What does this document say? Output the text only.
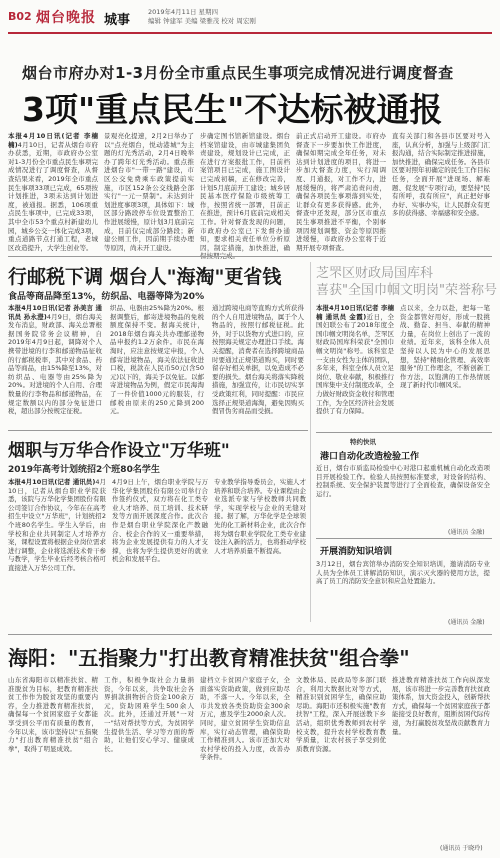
B02 烟台晚报 城事
2019年4月11日 星期四
编辑 钟建军 美编 梁雅茂 校对 周宏刚
烟台市府办对1-3月份全市重点民生事项完成情况进行调度督查
3项"重点民生"不达标被通报
本报4月10日讯(记者 李楠楠)4月10日，记者从烟台市府办获悉，近期，市政府办公室对1-3月份全市重点民生事项完成情况进行了调度督查，从督查结果来看，2019年全市重点民生事项33项已完成，65项按计划推进，3项未达到计划进度，被通报。据悉，106项重点民生事项中，已完成33项，其中全市53个重点村新建幼儿园，城乡公交一体化完成3项，重点道路节点打通工程，老城区改造提升，大学生创业等。
景观亮化提速，2月2日举办了以"点亮烟台，悦动港城"为主题的灯光秀活动，2月4日晚举办了跨年灯光秀活动。重点推进烟台市"一带一路"建设，市区公交免费乘车政策提前实施，市区152条公交线路全部实行"一元一票制"。未达到计划进度事项3项，具体如下：城区部分路段停车位设置整治工作进展缓慢，原计划3月底前完成，目前仅完成部分路段；新建公厕工作，因前期手续办理等原因，尚未开工建设。
步确定图书馆新馆建设。烟台档案馆建设，由市城建集团负责建设，规划设计已完成，正在进行方案报批工作，目前档案馆项目已完成，施工图设计已完成初稿，正在修改完善，计划5月底前开工建设；城乡居民基本医疗保险市级统筹工作，按照省统一部署，目前正在推进，预计6月底前完成相关工作。针对督查发现的问题，市政府办公室已下发督办通知，要求相关责任单位分析原因，制定措施，加快推进，确
前正式启动开工建设。市府办督查下一步要加快工作进度，确保如期完成全年任务，对未达到计划进度的项目，将进一步加大督查力度，实行周调度、月通报，对工作不力，进展缓慢的，将严肃追责问责，确保各项民生事项落到实处，让群众有更多获得感。此外，督查中还发现，部分区市重点民生事项推进不平衡，个别事项因规划调整、资金等原因推进缓慢，市政府办公室将于近期开展专项督查。
直有关部门和各县市区要对号入座，认真分析，加强与上级部门汇报沟通，结合实际制定推进措施，加快推进，确保完成任务。各县市区要对照年初确定的民生工作目标任务，全面开展"进现场、解难题、促发展"专项行动，要坚持"民有所呼，我有所应"，真正把好事办好、实事办实，让人民群众有更多的获得感、幸福感和安全感。
行邮税下调 烟台人"海淘"更省钱
食品等商品降至13%，纺织品、电器等降为20%
本报4月10日讯(记者 孙美言 通讯员 孙永澄)4月9日，烟台海关发布消息，财政部、海关总署根据国务院常务会议精神，自2019年4月9日起，调降对个人携带进境的行李和邮递物品征收的行邮税税率，其中对食品、药品等商品，由15%降至13%，对纺织品、电器等由25%降为20%。对进境的个人自用、合理数量的行李物品和邮递物品，在规定数额以内的部分免征进口税，超出部分按规定征税。
织品、电器由25%降为20%。根据调整后，邮寄进境物品的免税额度保持不变。据海关统计，2018年烟台海关共办理邮递物品申报约1.2万余件。市民在海淘时，应注意按规定申报，个人邮寄进境物品，海关依法征收进口税，税款在人民币50元(含50元)以下的，海关予以免征。以邮寄进境物品为例，假定市民海淘了一件价值1000元的服装，行邮税由原来的250元降到200元。
通过跨境电商等直购方式所获得的个人自用进境物品，属于个人物品的，按照行邮税征税。此外，对于以货物方式进口的，应按照海关规定办理进口手续。海关提醒，消费者在选择跨境商品时要通过正规渠道购买，同时要留存好相关单据，以免造成不必要的损失。烟台海关将落实降税措施，加强宣传，让市民切实享受政策红利，同时提醒：市民应选择正规渠道海淘，避免因购买假冒伪劣商品而受损。
芝罘区财政局国库科
喜获"全国巾帼文明岗"荣誉称号
本报4月10日讯(记者 李楠楠 通讯员 金霞)近日，全国妇联公布了2018年度全国巾帼文明岗名单，芝罘区财政局国库科荣获"全国巾帼文明岗"称号。该科室是一支由女性为主体的团队，多年来，科室全体人员立足岗位、敬业奉献，积极推行国库集中支付制度改革，全力做好财政资金收付和管理工作，为全区经济社会发展提供了有力保障。
点以来，全力以赴，把每一笔资金都管好用好，形成一股挑战、勤奋、担当、奉献的精神力量，在岗位上创出了一流的业绩。近年来，该科全体人员坚持以人民为中心的发展思想，坚持"精细化管理、高效率服务"的工作理念，不断创新工作方法，以饱满的工作热情展现了新时代巾帼风采。
特约快讯
港口自动化改造检验工作
近日，烟台市质监局检验中心对港口起重机械自动化改造项目开展检验工作。检验人员按照标准要求，对设备的结构、控制系统、安全保护装置等进行了全面检查，确保设备安全运行。
(通讯员 金融)
开展消防知识培训
3月12日，烟台宾馆举办消防安全知识培训，邀请消防专业人员为全体员工讲解消防知识，演示灭火器的使用方法，提高了员工的消防安全意识和应急处置能力。
(通讯员 金融)
烟职与万华合作设立"万华班"
2019年高考计划统招2个班80名学生
本报4月10日讯(记者 通讯员)4月10日，记者从烟台职业学院获悉，该院与万华化学集团股份有限公司签订合作协议，今年在在高考招生中设立"万华班"，计划统招2个班80名学生。学生入学后，由学校和企业共同制定人才培养方案，课程设置将根据企业岗位需求进行调整，企业将选派技术骨干参与教学，学生毕业后经考核合格可直接进入万华公司工作。
4月9日上午，烟台职业学院与万华化学集团股份有限公司举行合作签约仪式，双方将在化工类专业人才培养、员工培训、技术研发等方面开展深度合作。此次合作是烟台职业学院深化产教融合、校企合作的又一重要举措，将为企业发展提供有力的人才支撑，也将为学生提供更好的就业机会和发展平台。
专业教学指导委员会，实施人才培养和联合培养。专业课程由企业选派专家与学校教师共同教学，实现学校与企业的无缝对接。据了解，万华化学是全球领先的化工新材料企业，此次合作将为烟台职业学院化工类专业建设注入新的活力，也将推动学校人才培养质量不断提高。
海阳："五指聚力"打出教育精准扶贫"组合拳"
山东省海阳市以精准扶贫、精准脱贫为目标，把教育精准扶贫工作作为脱贫攻坚的重要内容，全力推进教育精准扶贫，确保每一个贫困家庭子女都能享受到公平而有质量的教育，今年以来，该市坚持以"五指聚力"打出教育精准扶贫"组合拳"，取得了明显成效。
工作，积极争取社会力量捐资，今年以来，共争取社会各界捐款捐物折合资金100余万元，资助困难学生500余人次。此外，还通过开展"一对一"结对帮扶等方式，为贫困学生提供生活、学习等方面的帮助，让他们安心学习、健康成长。
建档立卡贫困户家庭子女，全面落实资助政策，做到应助尽助，不落一人。今年以来，全市共发放各类资助资金300余万元，惠及学生2000余人次。同时，建立贫困学生资助信息库，实行动态管理，确保资助工作精准到人。该市还加大对农村学校的投入力度，改善办学条件。
文教体局、民政局等多部门联合，利用大数据比对等方式，精准识别贫困学生，确保应助尽助。海阳市还积极实施"教育扶智"工程，深入开展送教下乡活动，组织优秀教师到农村学校支教，提升农村学校教育教学质量，让农村孩子享受到优质教育资源。
推进教育精准扶贫工作向纵深发展，该市将进一步完善教育扶贫政策体系，加大资金投入，创新帮扶方式，确保每一个贫困家庭孩子都能接受良好教育，阻断贫困代际传递，为打赢脱贫攻坚战贡献教育力量。
(通讯员 于晓玲)
